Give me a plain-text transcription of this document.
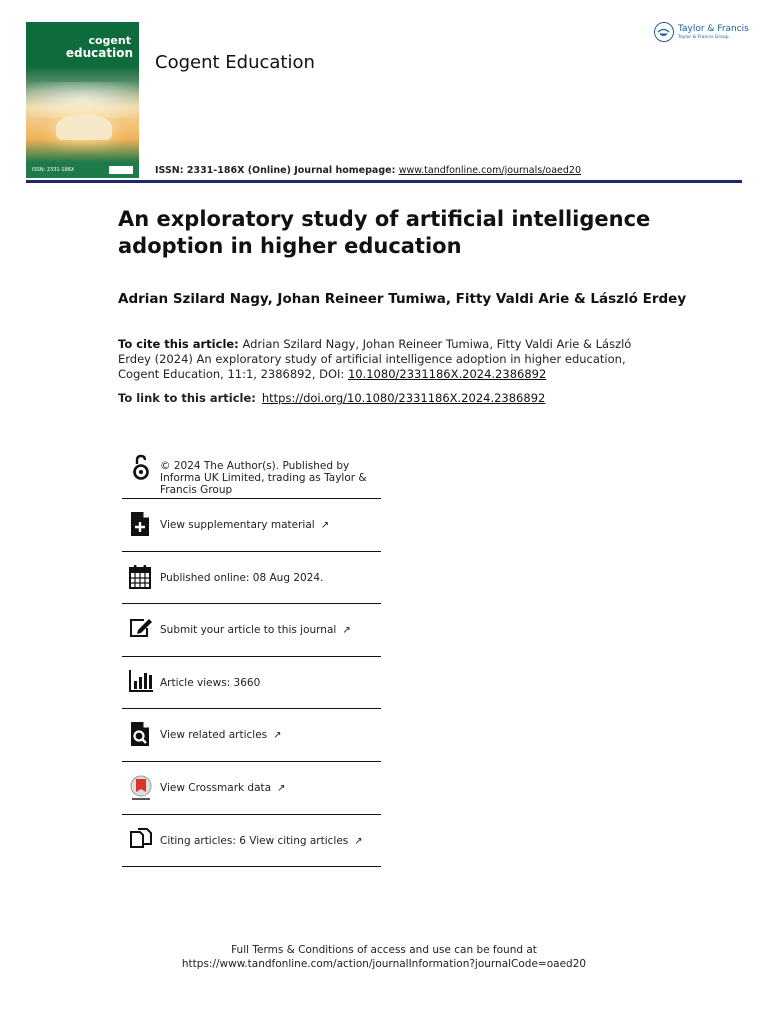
cogent
education
ISSN: 2331-186X
Cogent Education
ISSN: 2331-186X (Online) Journal homepage: www.tandfonline.com/journals/oaed20
Taylor & Francis
Taylor & Francis Group
An exploratory study of artificial intelligence adoption in higher education
Adrian Szilard Nagy, Johan Reineer Tumiwa, Fitty Valdi Arie & László Erdey
To cite this article: Adrian Szilard Nagy, Johan Reineer Tumiwa, Fitty Valdi Arie & László Erdey (2024) An exploratory study of artificial intelligence adoption in higher education, Cogent Education, 11:1, 2386892, DOI: 10.1080/2331186X.2024.2386892
To link to this article: https://doi.org/10.1080/2331186X.2024.2386892
© 2024 The Author(s). Published by Informa UK Limited, trading as Taylor & Francis Group
View supplementary material ↗
Published online: 08 Aug 2024.
Submit your article to this journal ↗
Article views: 3660
View related articles ↗
View Crossmark data ↗
Citing articles: 6 View citing articles ↗
Full Terms & Conditions of access and use can be found at
https://www.tandfonline.com/action/journalInformation?journalCode=oaed20
